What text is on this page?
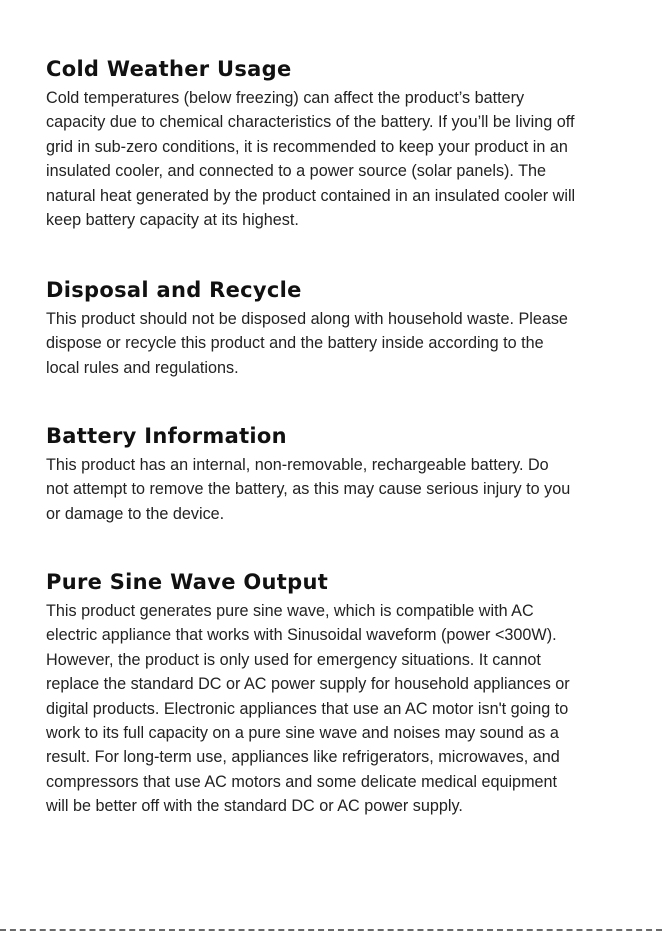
Cold Weather Usage

Cold temperatures (below freezing) can affect the product’s battery
capacity due to chemical characteristics of the battery. If you’ll be living off
grid in sub-zero conditions, it is recommended to keep your product in an
insulated cooler, and connected to a power source (solar panels). The
natural heat generated by the product contained in an insulated cooler will
keep battery capacity at its highest.

Disposal and Recycle

This product should not be disposed along with household waste. Please
dispose or recycle this product and the battery inside according to the
local rules and regulations.

Battery Information

This product has an internal, non-removable, rechargeable battery. Do
not attempt to remove the battery, as this may cause serious injury to you
or damage to the device.

Pure Sine Wave Output

This product generates pure sine wave, which is compatible with AC
electric appliance that works with Sinusoidal waveform (power <300W).
However, the product is only used for emergency situations. It cannot
replace the standard DC or AC power supply for household appliances or
digital products. Electronic appliances that use an AC motor isn't going to
work to its full capacity on a pure sine wave and noises may sound as a
result. For long-term use, appliances like refrigerators, microwaves, and
compressors that use AC motors and some delicate medical equipment
will be better off with the standard DC or AC power supply.
